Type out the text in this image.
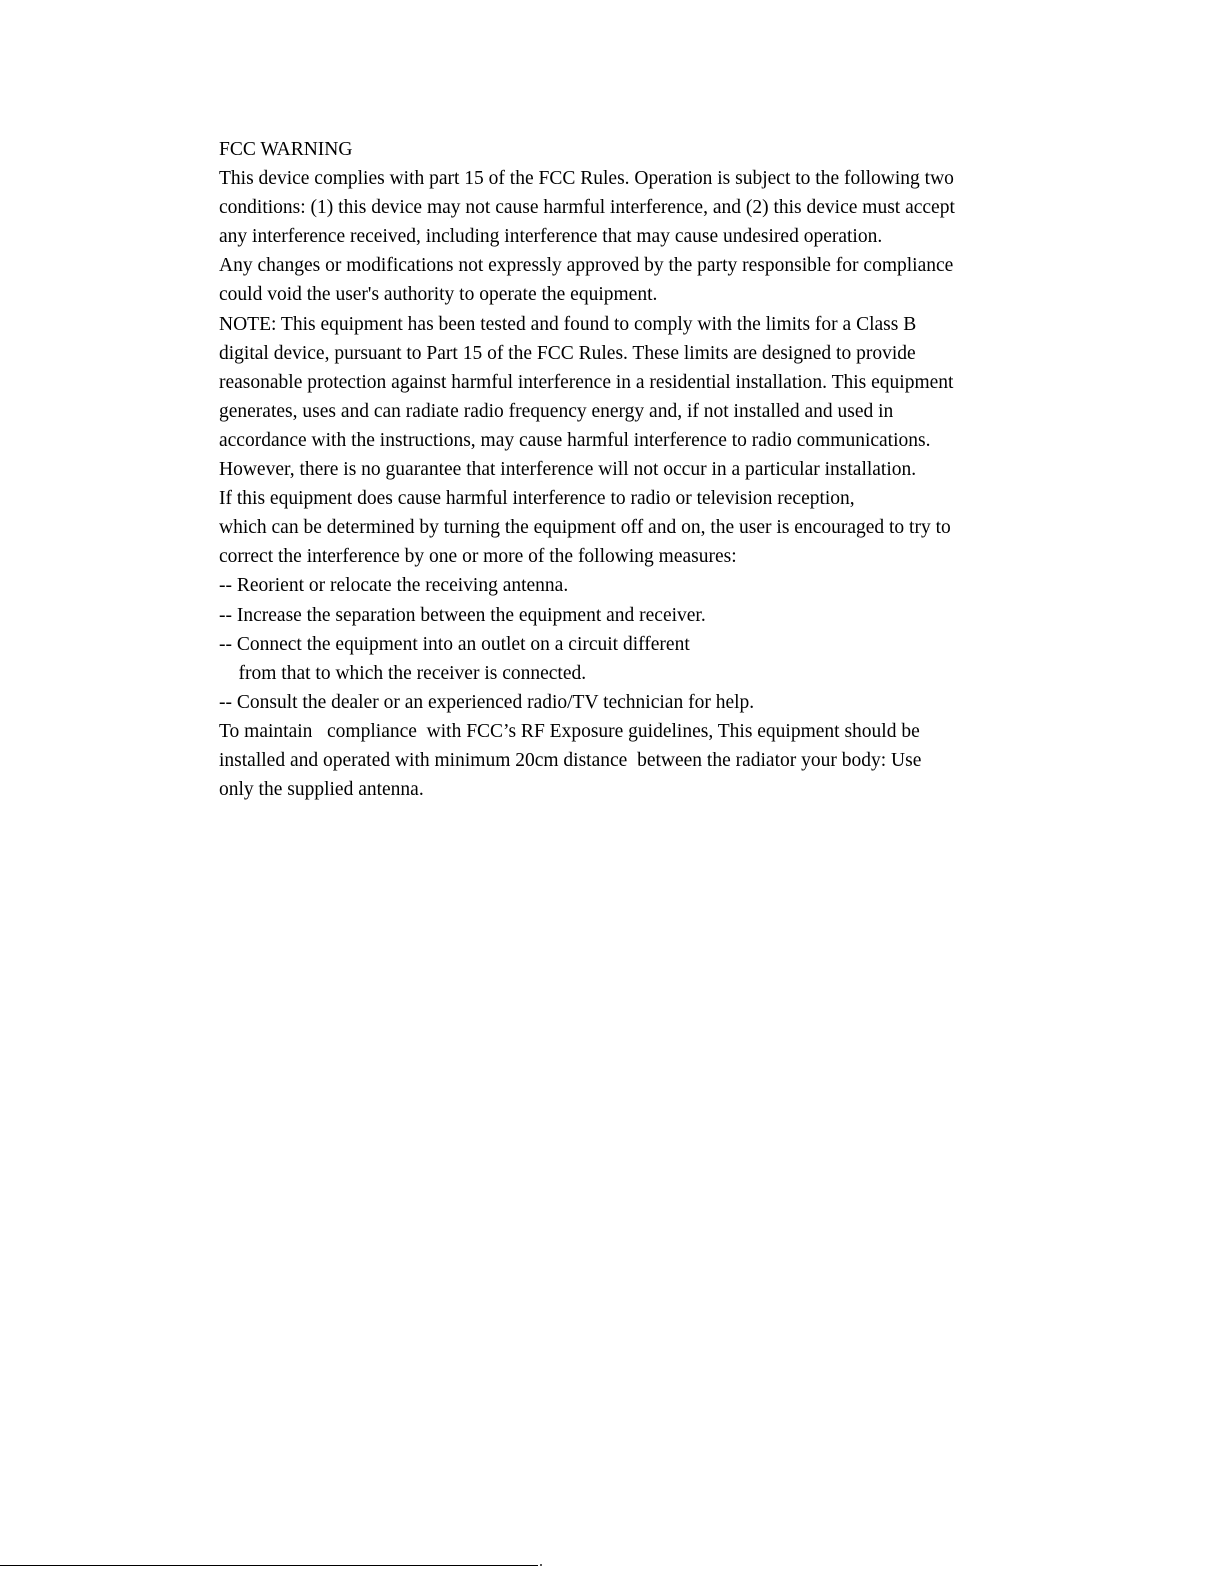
FCC WARNING
This device complies with part 15 of the FCC Rules. Operation is subject to the following two
conditions: (1) this device may not cause harmful interference, and (2) this device must accept
any interference received, including interference that may cause undesired operation.
Any changes or modifications not expressly approved by the party responsible for compliance
could void the user's authority to operate the equipment.
NOTE: This equipment has been tested and found to comply with the limits for a Class B
digital device, pursuant to Part 15 of the FCC Rules. These limits are designed to provide
reasonable protection against harmful interference in a residential installation. This equipment
generates, uses and can radiate radio frequency energy and, if not installed and used in
accordance with the instructions, may cause harmful interference to radio communications.
However, there is no guarantee that interference will not occur in a particular installation.
If this equipment does cause harmful interference to radio or television reception,
which can be determined by turning the equipment off and on, the user is encouraged to try to
correct the interference by one or more of the following measures:
-- Reorient or relocate the receiving antenna.
-- Increase the separation between the equipment and receiver.
-- Connect the equipment into an outlet on a circuit different
from that to which the receiver is connected.
-- Consult the dealer or an experienced radio/TV technician for help.
To maintain   compliance  with FCC’s RF Exposure guidelines, This equipment should be
installed and operated with minimum 20cm distance  between the radiator your body: Use
only the supplied antenna.
